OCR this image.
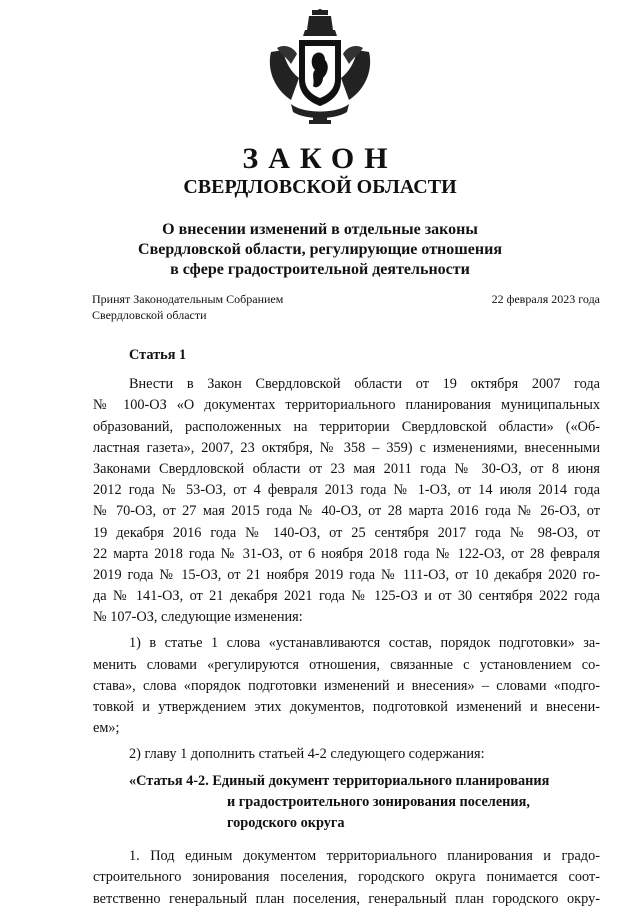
ЗАКОН
СВЕРДЛОВСКОЙ ОБЛАСТИ
О внесении изменений в отдельные законы
Свердловской области, регулирующие отношения
в сфере градостроительной деятельности
Принят Законодательным Собранием
Свердловской области
22 февраля 2023 года
Статья 1
Внести в Закон Свердловской области от 19 октября 2007 года
№ 100-ОЗ «О документах территориального планирования муниципальных
образований, расположенных на территории Свердловской области» («Об-
ластная газета», 2007, 23 октября, № 358 – 359) с изменениями, внесенными
Законами Свердловской области от 23 мая 2011 года № 30-ОЗ, от 8 июня
2012 года № 53-ОЗ, от 4 февраля 2013 года № 1-ОЗ, от 14 июля 2014 года
№ 70-ОЗ, от 27 мая 2015 года № 40-ОЗ, от 28 марта 2016 года № 26-ОЗ, от
19 декабря 2016 года № 140-ОЗ, от 25 сентября 2017 года № 98-ОЗ, от
22 марта 2018 года № 31-ОЗ, от 6 ноября 2018 года № 122-ОЗ, от 28 февраля
2019 года № 15-ОЗ, от 21 ноября 2019 года № 111-ОЗ, от 10 декабря 2020 го-
да № 141-ОЗ, от 21 декабря 2021 года № 125-ОЗ и от 30 сентября 2022 года
№ 107-ОЗ, следующие изменения:
1) в статье 1 слова «устанавливаются состав, порядок подготовки» за-
менить словами «регулируются отношения, связанные с установлением со-
става», слова «порядок подготовки изменений и внесения» – словами «подго-
товкой и утверждением этих документов, подготовкой изменений и внесени-
ем»;
2) главу 1 дополнить статьей 4-2 следующего содержания:
«Статья 4-2. Единый документ территориального планирования
и градостроительного зонирования поселения,
городского округа
1. Под единым документом территориального планирования и градо-
строительного зонирования поселения, городского округа понимается соот-
ветственно генеральный план поселения, генеральный план городского окру-
